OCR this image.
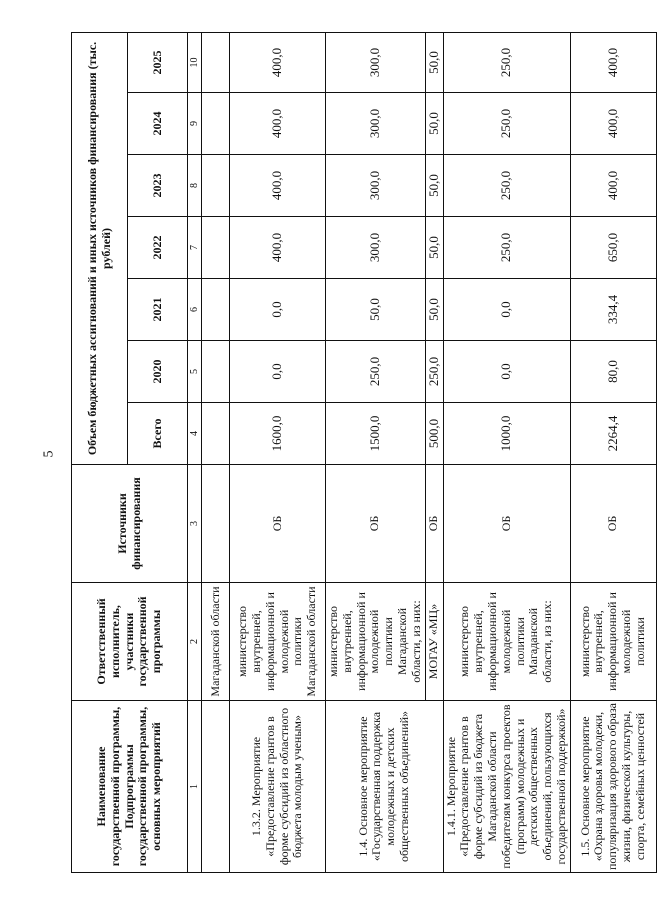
5
Наименование государственной программы, Подпрограммы государственной программы, основных мероприятий	Ответственный исполнитель, участники государственной программы	Источники финансирования	Объем бюджетных ассигнований и иных источников финансирования (тыс. рублей)						
			Всего	2020	2021	2022	2023	2024	2025
1	2	3	4	5	6	7	8	9	10
	Магаданской области								
1.3.2. Мероприятие «Предоставление грантов в форме субсидий из областного бюджета молодым ученым»	министерство внутренней, информационной и молодежной политики Магаданской области	ОБ	1600,0	0,0	0,0	400,0	400,0	400,0	400,0
1.4. Основное мероприятие «Государственная поддержка молодежных и детских общественных объединений»	министерство внутренней, информационной и молодежной политики Магаданской области, из них:	ОБ	1500,0	250,0	50,0	300,0	300,0	300,0	300,0
	МОГАУ «МЦ»	ОБ	500,0	250,0	50,0	50,0	50,0	50,0	50,0
1.4.1. Мероприятие «Предоставление грантов в форме субсидий из бюджета Магаданской области победителям конкурса проектов (программ) молодежных и детских общественных объединений, пользующихся государственной поддержкой»	министерство внутренней, информационной и молодежной политики Магаданской области, из них:	ОБ	1000,0	0,0	0,0	250,0	250,0	250,0	250,0
1.5. Основное мероприятие «Охрана здоровья молодежи, популяризация здорового образа жизни, физической культуры, спорта, семейных ценностей	министерство внутренней, информационной и молодежной политики	ОБ	2264,4	80,0	334,4	650,0	400,0	400,0	400,0
